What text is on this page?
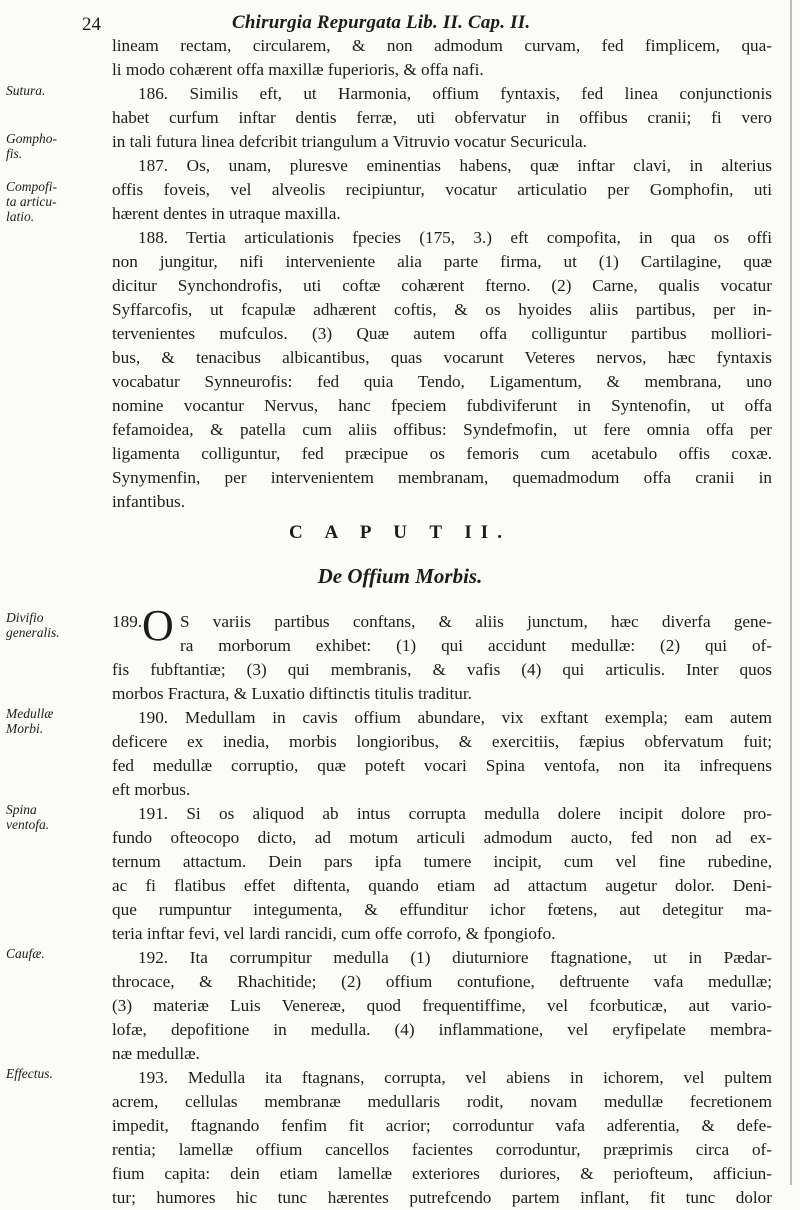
24	Chirurgia Repurgata Lib. II. Cap. II.
Sutura.
Gompho-
fis.
Compofi-
ta articu-
latio.
Divifio
generalis.
Medullæ
Morbi.
Spina
ventofa.
Caufæ.
Effectus.
lineam rectam, circularem, & non admodum curvam, fed fimplicem, qua-
li modo cohærent offa maxillæ fuperioris, & offa nafi.
186. Similis eft, ut Harmonia, offium fyntaxis, fed linea conjunctionis
habet curfum inftar dentis ferræ, uti obfervatur in offibus cranii; fi vero
in tali futura linea defcribit triangulum a Vitruvio vocatur Securicula.
187. Os, unam, pluresve eminentias habens, quæ inftar clavi, in alterius
offis foveis, vel alveolis recipiuntur, vocatur articulatio per Gomphofin, uti
hærent dentes in utraque maxilla.
188. Tertia articulationis fpecies (175, 3.) eft compofita, in qua os offi
non jungitur, nifi interveniente alia parte firma, ut (1) Cartilagine, quæ
dicitur Synchondrofis, uti coftæ cohærent fterno. (2) Carne, qualis vocatur
Syffarcofis, ut fcapulæ adhærent coftis, & os hyoides aliis partibus, per in-
tervenientes mufculos. (3) Quæ autem offa colliguntur partibus molliori-
bus, & tenacibus albicantibus, quas vocarunt Veteres nervos, hæc fyntaxis
vocabatur Synneurofis: fed quia Tendo, Ligamentum, & membrana, uno
nomine vocantur Nervus, hanc fpeciem fubdiviferunt in Syntenofin, ut offa
fefamoidea, & patella cum aliis offibus: Syndefmofin, ut fere omnia offa per
ligamenta colliguntur, fed præcipue os femoris cum acetabulo offis coxæ.
Synymenfin, per intervenientem membranam, quemadmodum offa cranii in
infantibus.
C A P U T II.
De Offium Morbis.
189. O S variis partibus conftans, & aliis junctum, hæc diverfa gene-
ra morborum exhibet: (1) qui accidunt medullæ: (2) qui of-
fis fubftantiæ; (3) qui membranis, & vafis (4) qui articulis. Inter quos
morbos Fractura, & Luxatio diftinctis titulis traditur.
190. Medullam in cavis offium abundare, vix exftant exempla; eam autem
deficere ex inedia, morbis longioribus, & exercitiis, fæpius obfervatum fuit;
fed medullæ corruptio, quæ poteft vocari Spina ventofa, non ita infrequens
eft morbus.
191. Si os aliquod ab intus corrupta medulla dolere incipit dolore pro-
fundo ofteocopo dicto, ad motum articuli admodum aucto, fed non ad ex-
ternum attactum. Dein pars ipfa tumere incipit, cum vel fine rubedine,
ac fi flatibus effet diftenta, quando etiam ad attactum augetur dolor. Deni-
que rumpuntur integumenta, & effunditur ichor fœtens, aut detegitur ma-
teria inftar fevi, vel lardi rancidi, cum offe corrofo, & fpongiofo.
192. Ita corrumpitur medulla (1) diuturniore ftagnatione, ut in Pædar-
throcace, & Rhachitide; (2) offium contufione, deftruente vafa medullæ;
(3) materiæ Luis Venereæ, quod frequentiffime, vel fcorbuticæ, aut vario-
lofæ, depofitione in medulla. (4) inflammatione, vel eryfipelate membra-
næ medullæ.
193. Medulla ita ftagnans, corrupta, vel abiens in ichorem, vel pultem
acrem, cellulas membranæ medullaris rodit, novam medullæ fecretionem
impedit, ftagnando fenfim fit acrior; corroduntur vafa adferentia, & defe-
rentia; lamellæ offium cancellos facientes corroduntur, præprimis circa of-
fium capita: dein etiam lamellæ exteriores duriores, & periofteum, afficiun-
tur; humores hic tunc hærentes putrefcendo partem inflant, fit tunc dolor
